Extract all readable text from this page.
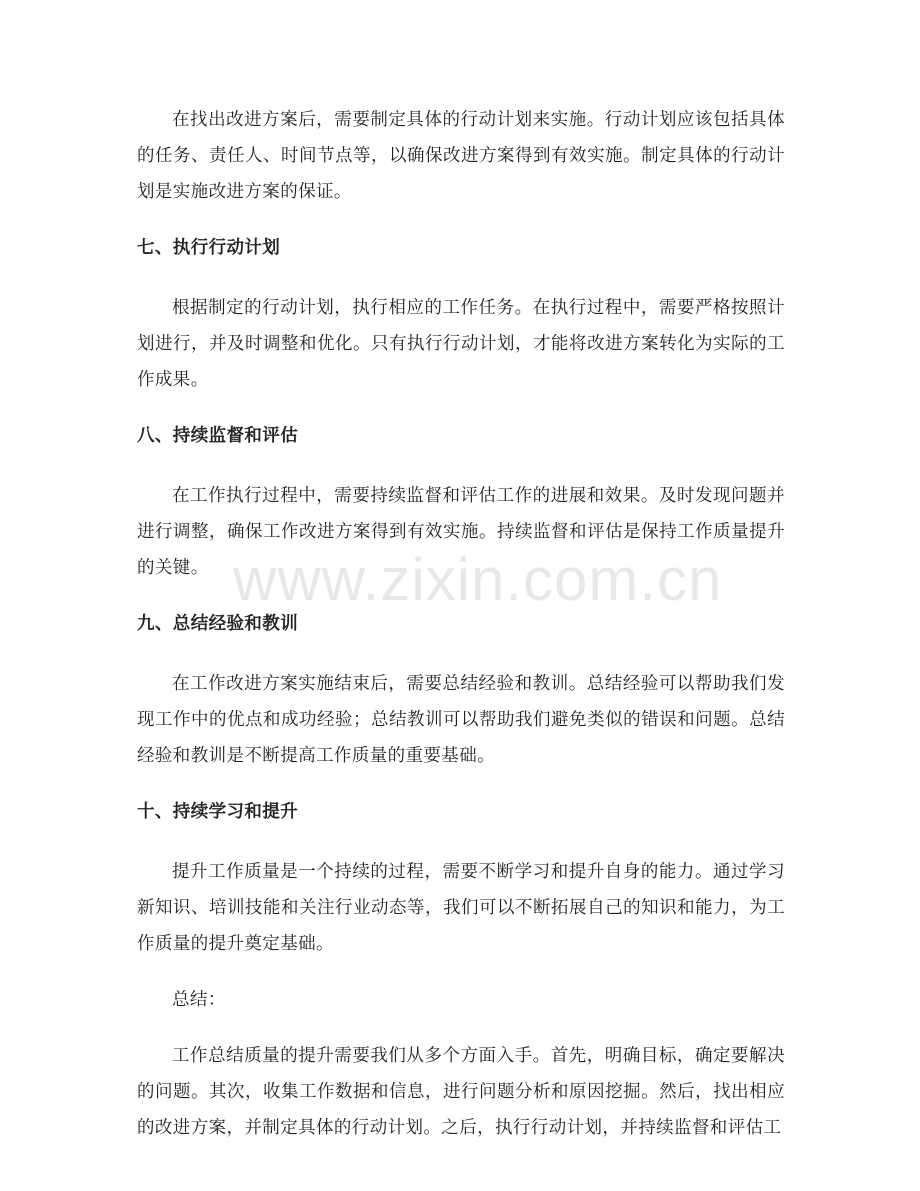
在找出改进方案后，需要制定具体的行动计划来实施。行动计划应该包括具体的任务、责任人、时间节点等，以确保改进方案得到有效实施。制定具体的行动计划是实施改进方案的保证。

七、执行行动计划

根据制定的行动计划，执行相应的工作任务。在执行过程中，需要严格按照计划进行，并及时调整和优化。只有执行行动计划，才能将改进方案转化为实际的工作成果。

八、持续监督和评估

在工作执行过程中，需要持续监督和评估工作的进展和效果。及时发现问题并进行调整，确保工作改进方案得到有效实施。持续监督和评估是保持工作质量提升的关键。

九、总结经验和教训

在工作改进方案实施结束后，需要总结经验和教训。总结经验可以帮助我们发现工作中的优点和成功经验；总结教训可以帮助我们避免类似的错误和问题。总结经验和教训是不断提高工作质量的重要基础。

十、持续学习和提升

提升工作质量是一个持续的过程，需要不断学习和提升自身的能力。通过学习新知识、培训技能和关注行业动态等，我们可以不断拓展自己的知识和能力，为工作质量的提升奠定基础。

总结：

工作总结质量的提升需要我们从多个方面入手。首先，明确目标，确定要解决的问题。其次，收集工作数据和信息，进行问题分析和原因挖掘。然后，找出相应的改进方案，并制定具体的行动计划。之后，执行行动计划，并持续监督和评估工

www.zixin.com.cn
